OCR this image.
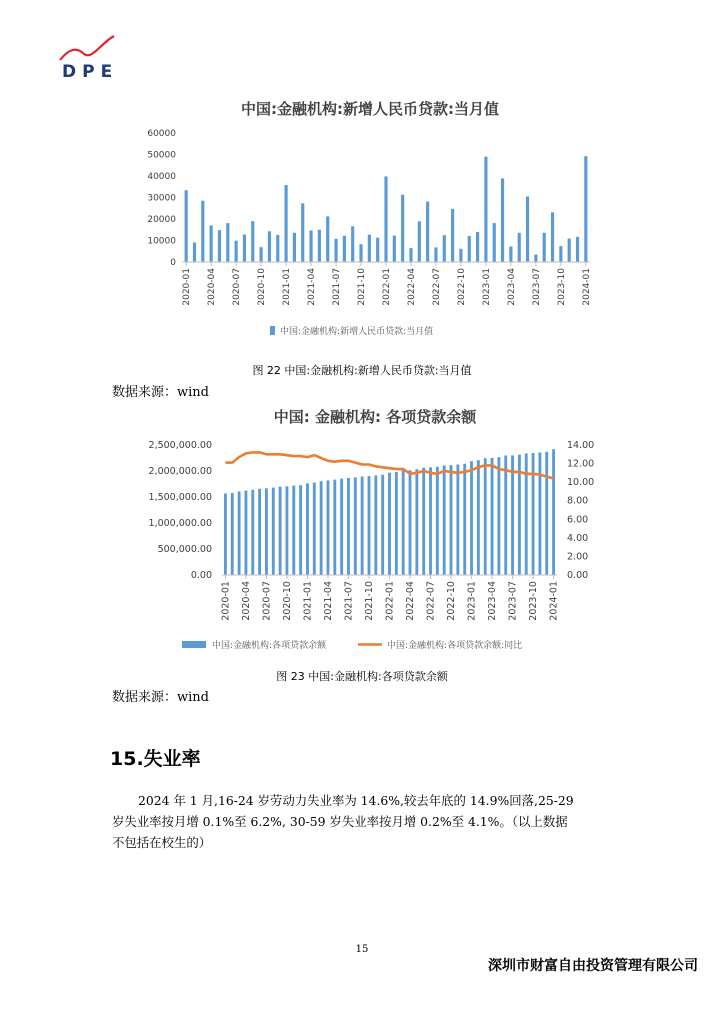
DPE
中国:金融机构:新增人民币贷款:当月值
0
10000
20000
30000
40000
50000
60000
2020-01 2020-04 2020-07 2020-10 2021-01 2021-04 2021-07 2021-10 2022-01 2022-04 2022-07 2022-10 2023-01 2023-04 2023-07 2023-10 2024-01
中国:金融机构:新增人民币贷款:当月值
图 22 中国:金融机构:新增人民币贷款:当月值
数据来源：wind
中国: 金融机构: 各项贷款余额
0.00
500,000.00
1,000,000.00
1,500,000.00
2,000,000.00
2,500,000.00
0.00
2.00
4.00
6.00
8.00
10.00
12.00
14.00
2020-01 2020-04 2020-07 2020-10 2021-01 2021-04 2021-07 2021-10 2022-01 2022-04 2022-07 2022-10 2023-01 2023-04 2023-07 2023-10 2024-01
中国:金融机构:各项贷款余额	中国:金融机构:各项贷款余额:同比
图 23 中国:金融机构:各项贷款余额
数据来源：wind
15.失业率
2024 年 1 月,16-24 岁劳动力失业率为 14.6%,较去年底的 14.9%回落,25-29
岁失业率按月增 0.1%至 6.2%, 30-59 岁失业率按月增 0.2%至 4.1%。（以上数据
不包括在校生的）
15
深圳市财富自由投资管理有限公司
